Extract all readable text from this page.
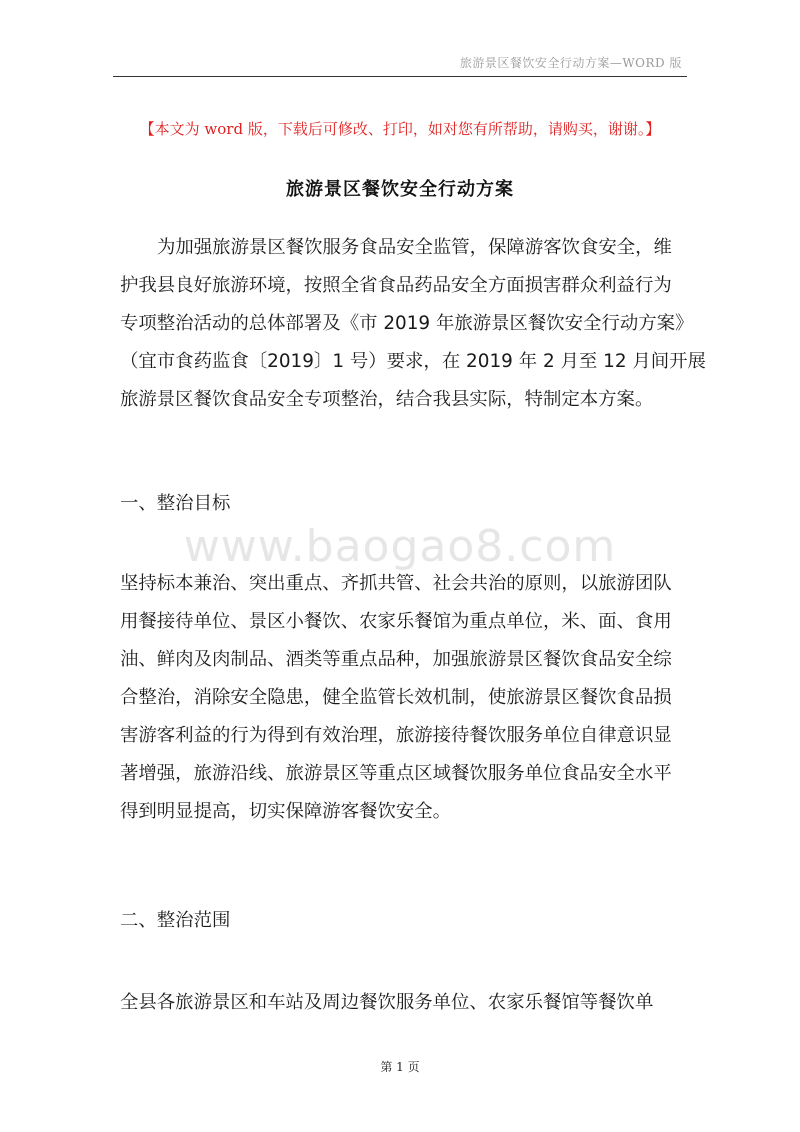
旅游景区餐饮安全行动方案—WORD 版
【本文为 word 版，下载后可修改、打印，如对您有所帮助，请购买，谢谢。】
旅游景区餐饮安全行动方案
为加强旅游景区餐饮服务食品安全监管，保障游客饮食安全，维
护我县良好旅游环境，按照全省食品药品安全方面损害群众利益行为
专项整治活动的总体部署及《市 2019 年旅游景区餐饮安全行动方案》
（宜市食药监食〔2019〕1 号）要求，在 2019 年 2 月至 12 月间开展
旅游景区餐饮食品安全专项整治，结合我县实际，特制定本方案。
一、整治目标
www.baogao8.com
坚持标本兼治、突出重点、齐抓共管、社会共治的原则，以旅游团队
用餐接待单位、景区小餐饮、农家乐餐馆为重点单位，米、面、食用
油、鲜肉及肉制品、酒类等重点品种，加强旅游景区餐饮食品安全综
合整治，消除安全隐患，健全监管长效机制，使旅游景区餐饮食品损
害游客利益的行为得到有效治理，旅游接待餐饮服务单位自律意识显
著增强，旅游沿线、旅游景区等重点区域餐饮服务单位食品安全水平
得到明显提高，切实保障游客餐饮安全。
二、整治范围
全县各旅游景区和车站及周边餐饮服务单位、农家乐餐馆等餐饮单
第 1 页
